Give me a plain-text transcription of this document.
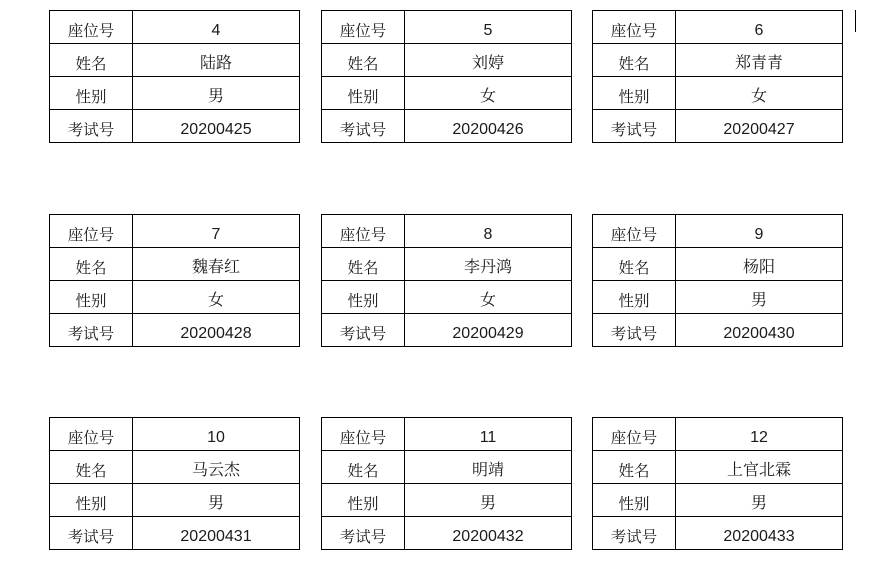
座位号	4
姓名	陆路
性别	男
考试号	20200425
座位号	5
姓名	刘婷
性别	女
考试号	20200426
座位号	6
姓名	郑青青
性别	女
考试号	20200427
座位号	7
姓名	魏春红
性别	女
考试号	20200428
座位号	8
姓名	李丹鸿
性别	女
考试号	20200429
座位号	9
姓名	杨阳
性别	男
考试号	20200430
座位号	10
姓名	马云杰
性别	男
考试号	20200431
座位号	11
姓名	明靖
性别	男
考试号	20200432
座位号	12
姓名	上官北霖
性别	男
考试号	20200433
